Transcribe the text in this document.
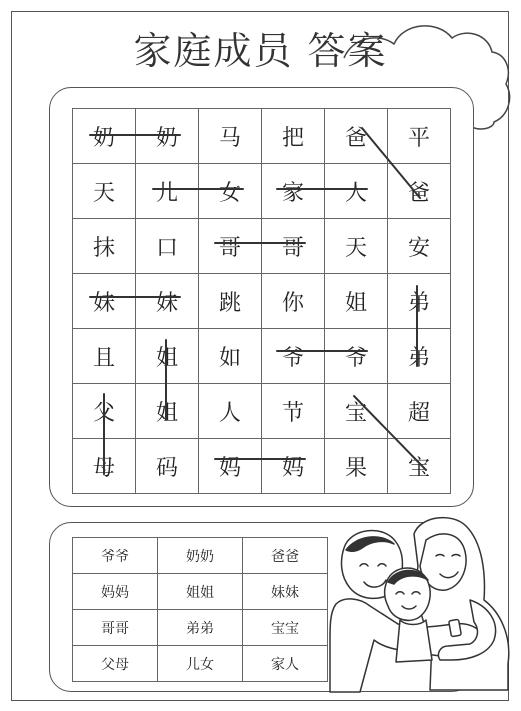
家庭成员 答案
奶	奶	马	把	爸	平
天	儿	女	家	人	爸
抹	口	哥	哥	天	安
妹	妹	跳	你	姐	弟
且	姐	如	爷	爷	弟
父	姐	人	节	宝	超
母	码	妈	妈	果	宝
爷爷	奶奶	爸爸
妈妈	姐姐	妹妹
哥哥	弟弟	宝宝
父母	儿女	家人
